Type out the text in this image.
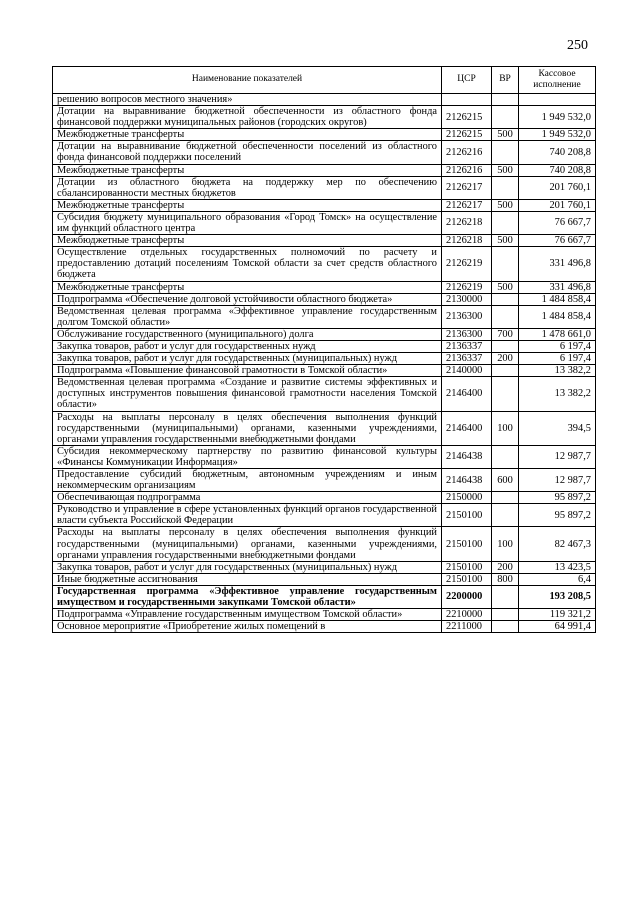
250
Наименование показателей	ЦСР	ВР	Кассовое исполнение
решению вопросов местного значения»			
Дотации на выравнивание бюджетной обеспеченности из областного фонда финансовой поддержки муниципальных районов (городских округов)	2126215		1 949 532,0
Межбюджетные трансферты	2126215	500	1 949 532,0
Дотации на выравнивание бюджетной обеспеченности поселений из областного фонда финансовой поддержки поселений	2126216		740 208,8
Межбюджетные трансферты	2126216	500	740 208,8
Дотации из областного бюджета на поддержку мер по обеспечению сбалансированности местных бюджетов	2126217		201 760,1
Межбюджетные трансферты	2126217	500	201 760,1
Субсидия бюджету муниципального образования «Город Томск» на осуществление им функций областного центра	2126218		76 667,7
Межбюджетные трансферты	2126218	500	76 667,7
Осуществление отдельных государственных полномочий по расчету и предоставлению дотаций поселениям Томской области за счет средств областного бюджета	2126219		331 496,8
Межбюджетные трансферты	2126219	500	331 496,8
Подпрограмма «Обеспечение долговой устойчивости областного бюджета»	2130000		1 484 858,4
Ведомственная целевая программа «Эффективное управление государственным долгом Томской области»	2136300		1 484 858,4
Обслуживание государственного (муниципального) долга	2136300	700	1 478 661,0
Закупка товаров, работ и услуг для государственных нужд	2136337		6 197,4
Закупка товаров, работ и услуг для государственных (муниципальных) нужд	2136337	200	6 197,4
Подпрограмма «Повышение финансовой грамотности в Томской области»	2140000		13 382,2
Ведомственная целевая программа «Создание и развитие системы эффективных и доступных инструментов повышения финансовой грамотности населения Томской области»	2146400		13 382,2
Расходы на выплаты персоналу в целях обеспечения выполнения функций государственными (муниципальными) органами, казенными учреждениями, органами управления государственными внебюджетными фондами	2146400	100	394,5
Субсидия некоммерческому партнерству по развитию финансовой культуры «Финансы Коммуникации Информация»	2146438		12 987,7
Предоставление субсидий бюджетным, автономным учреждениям и иным некоммерческим организациям	2146438	600	12 987,7
Обеспечивающая подпрограмма	2150000		95 897,2
Руководство и управление в сфере установленных функций органов государственной власти субъекта Российской Федерации	2150100		95 897,2
Расходы на выплаты персоналу в целях обеспечения выполнения функций государственными (муниципальными) органами, казенными учреждениями, органами управления государственными внебюджетными фондами	2150100	100	82 467,3
Закупка товаров, работ и услуг для государственных (муниципальных) нужд	2150100	200	13 423,5
Иные бюджетные ассигнования	2150100	800	6,4
Государственная программа «Эффективное управление государственным имуществом и государственными закупками Томской области»	2200000		193 208,5
Подпрограмма «Управление государственным имуществом Томской области»	2210000		119 321,2
Основное мероприятие «Приобретение жилых помещений в	2211000		64 991,4
